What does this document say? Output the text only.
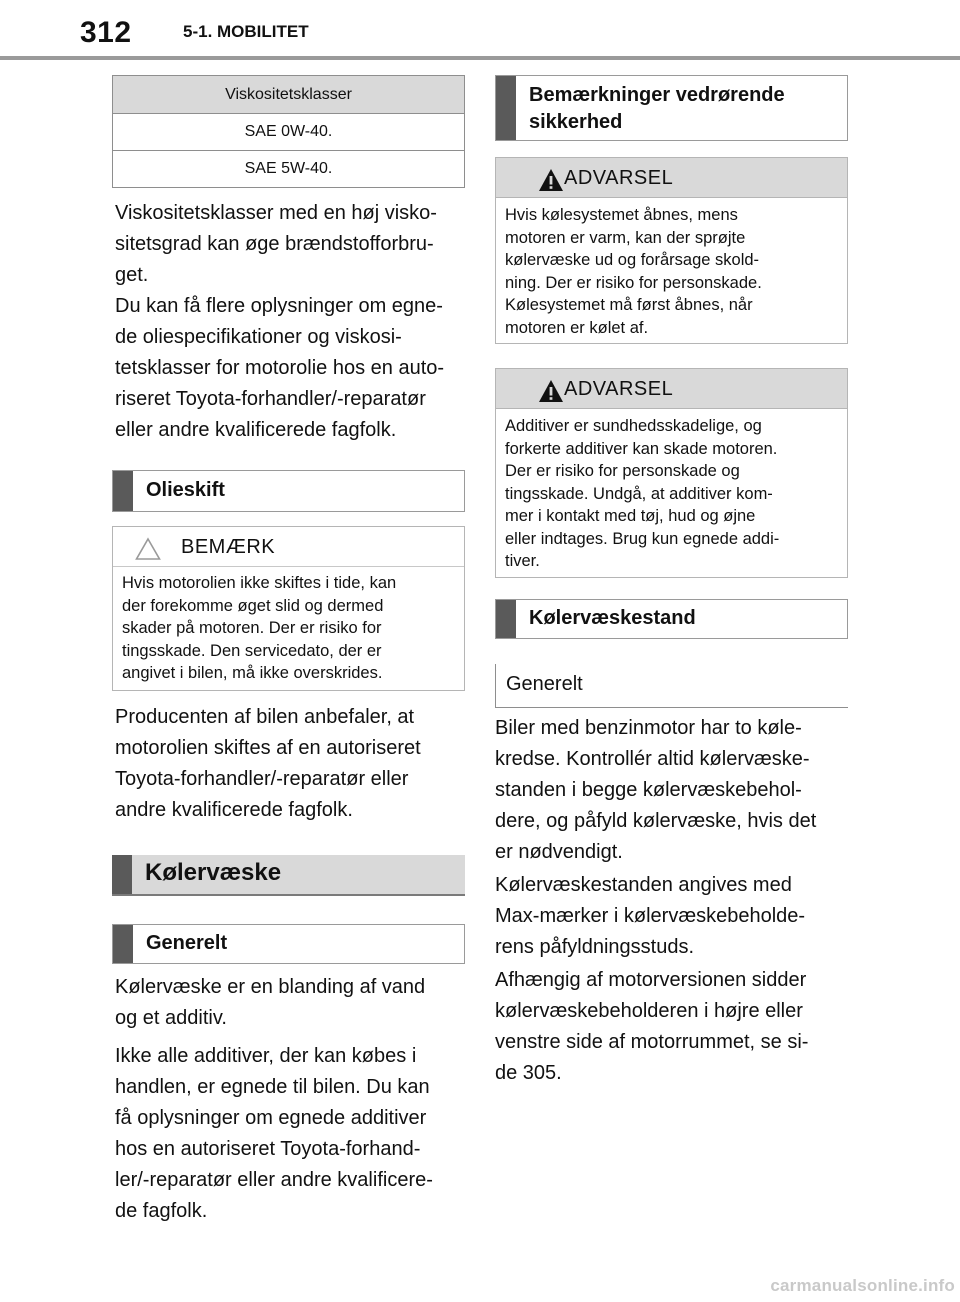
312	5-1. MOBILITET
Viskositetsklasser
SAE 0W-40.
SAE 5W-40.

Viskositetsklasser med en høj visko-
sitetsgrad kan øge brændstofforbru-
get.

Du kan få flere oplysninger om egne-
de oliespecifikationer og viskosi-
tetsklasser for motorolie hos en auto-
riseret Toyota-forhandler/-reparatør
eller andre kvalificerede fagfolk.

Olieskift
BEMÆRK
Hvis motorolien ikke skiftes i tide, kan
der forekomme øget slid og dermed
skader på motoren. Der er risiko for
tingsskade. Den servicedato, der er
angivet i bilen, må ikke overskrides.

Producenten af bilen anbefaler, at
motorolien skiftes af en autoriseret
Toyota-forhandler/-reparatør eller
andre kvalificerede fagfolk.

Kølervæske
Generelt

Kølervæske er en blanding af vand
og et additiv.

Ikke alle additiver, der kan købes i
handlen, er egnede til bilen. Du kan
få oplysninger om egnede additiver
hos en autoriseret Toyota-forhand-
ler/-reparatør eller andre kvalificere-
de fagfolk.

Bemærkninger vedrørende
sikkerhed
ADVARSEL
Hvis kølesystemet åbnes, mens
motoren er varm, kan der sprøjte
kølervæske ud og forårsage skold-
ning. Der er risiko for personskade.
Kølesystemet må først åbnes, når
motoren er kølet af.
ADVARSEL
Additiver er sundhedsskadelige, og
forkerte additiver kan skade motoren.
Der er risiko for personskade og
tingsskade. Undgå, at additiver kom-
mer i kontakt med tøj, hud og øjne
eller indtages. Brug kun egnede addi-
tiver.
Kølervæskestand
Generelt

Biler med benzinmotor har to køle-
kredse. Kontrollér altid kølervæske-
standen i begge kølervæskebehol-
dere, og påfyld kølervæske, hvis det
er nødvendigt.

Kølervæskestanden angives med
Max-mærker i kølervæskebeholde-
rens påfyldningsstuds.

Afhængig af motorversionen sidder
kølervæskebeholderen i højre eller
venstre side af motorrummet, se si-
de 305.

carmanualsonline.info
